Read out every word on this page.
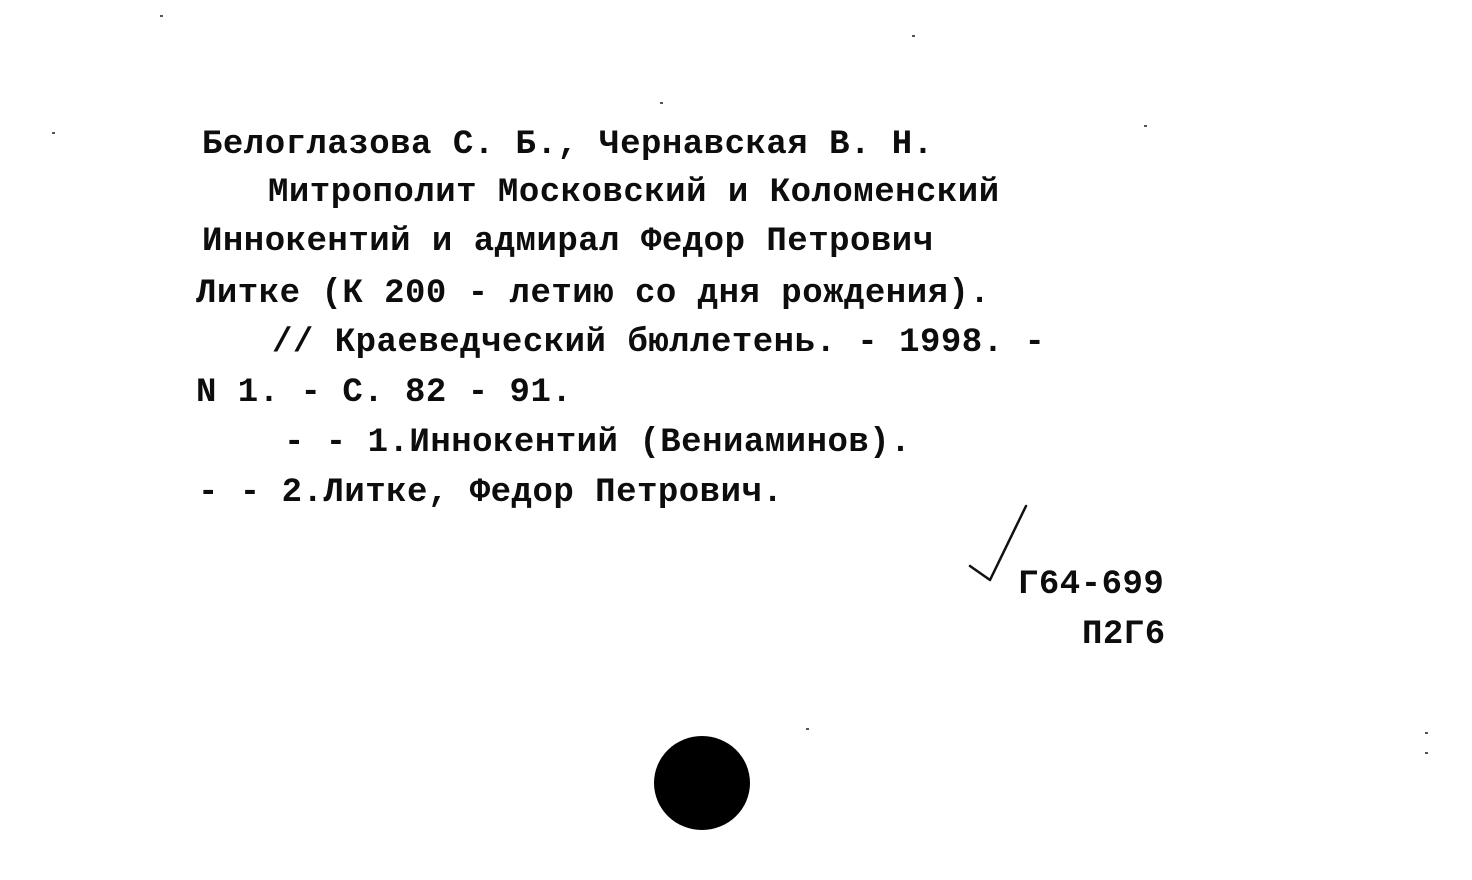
Белоглазова С. Б., Чернавская В. Н.
Митрополит Московский и Коломенский
Иннокентий и адмирал Федор Петрович
Литке (К 200 - летию со дня рождения).
// Краеведческий бюллетень. - 1998. -
N 1. - С. 82 - 91.
- - 1.Иннокентий (Вениаминов).
- - 2.Литке, Федор Петрович.
Г64-699
П2Г6
